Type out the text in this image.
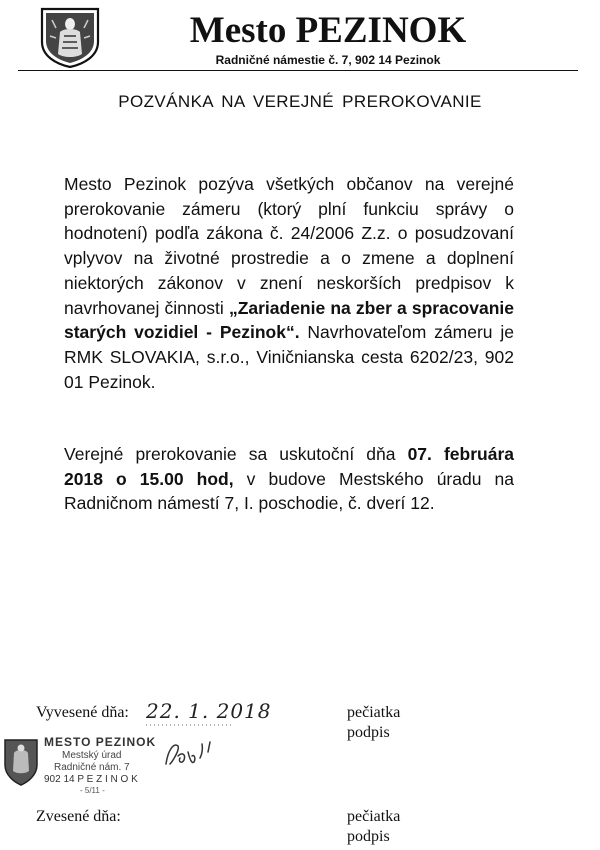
Mesto PEZINOK
Radničné námestie č. 7, 902 14 Pezinok
POZVÁNKA NA VEREJNÉ PREROKOVANIE

Mesto Pezinok pozýva všetkých občanov na verejné prerokovanie zámeru (ktorý plní funkciu správy o hodnotení) podľa zákona č. 24/2006 Z.z. o posudzovaní vplyvov na životné prostredie a o zmene a doplnení niektorých zákonov v znení neskorších predpisov k navrhovanej činnosti „Zariadenie na zber a spracovanie starých vozidiel - Pezinok“. Navrhovateľom zámeru je RMK SLOVAKIA, s.r.o., Viničnianska cesta 6202/23, 902 01 Pezinok.

Verejné prerokovanie sa uskutoční dňa 07. februára 2018 o 15.00 hod, v budove Mestského úradu na Radničnom námestí 7, I. poschodie, č. dverí 12.

Vyvesené dňa: 22. 1. 2018	pečiatka
podpis
MESTO PEZINOK
Mestský úrad
Radničné nám. 7
902 14 P E Z I N O K
- 5/11 -
Zvesené dňa:	pečiatka
podpis
